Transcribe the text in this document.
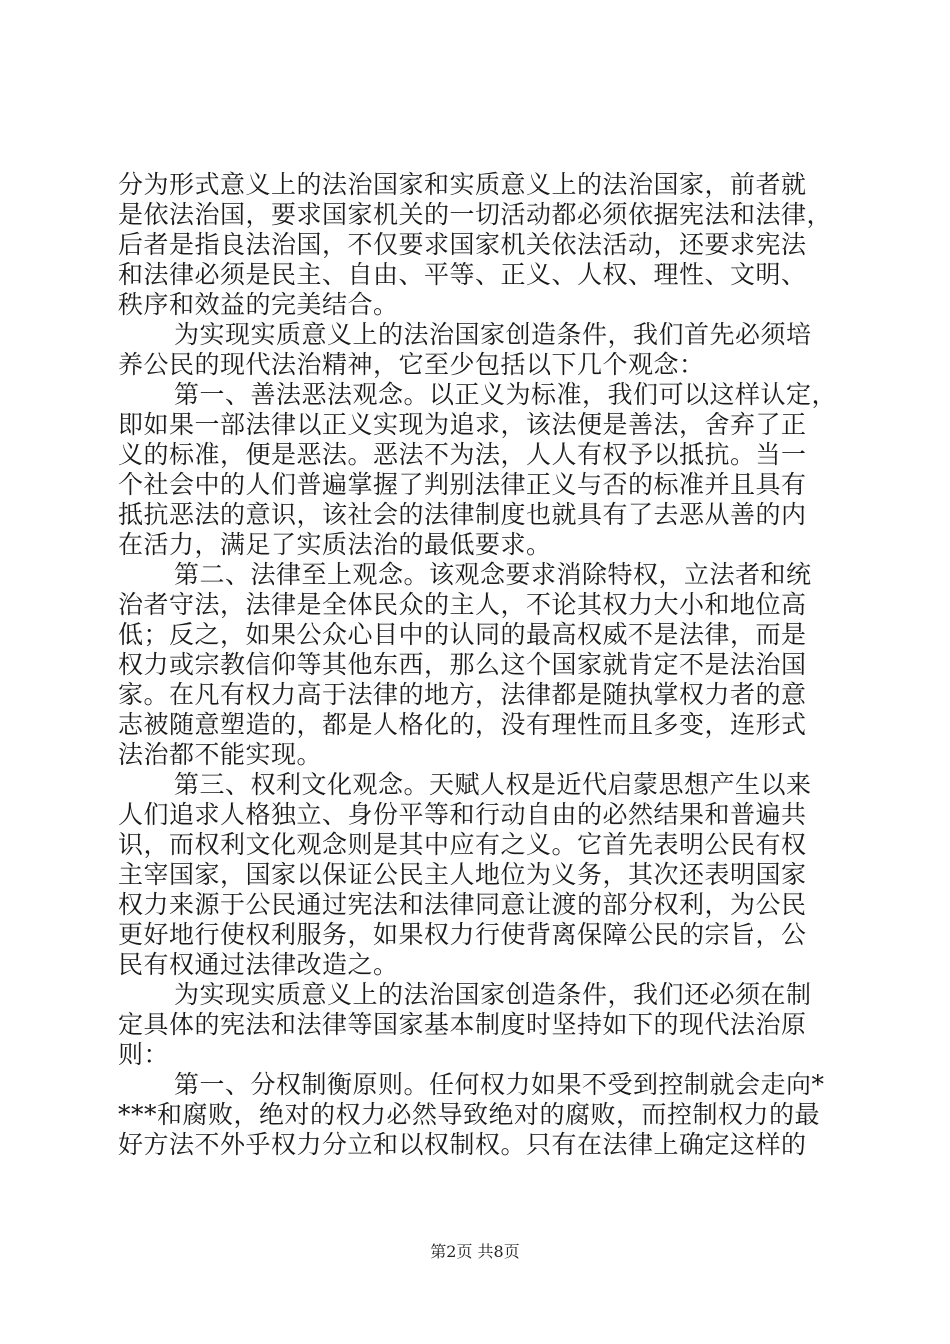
分为形式意义上的法治国家和实质意义上的法治国家，前者就
是依法治国，要求国家机关的一切活动都必须依据宪法和法律，
后者是指良法治国，不仅要求国家机关依法活动，还要求宪法
和法律必须是民主、自由、平等、正义、人权、理性、文明、
秩序和效益的完美结合。
为实现实质意义上的法治国家创造条件，我们首先必须培
养公民的现代法治精神，它至少包括以下几个观念：
第一、善法恶法观念。以正义为标准，我们可以这样认定，
即如果一部法律以正义实现为追求，该法便是善法，舍弃了正
义的标准，便是恶法。恶法不为法，人人有权予以抵抗。当一
个社会中的人们普遍掌握了判别法律正义与否的标准并且具有
抵抗恶法的意识，该社会的法律制度也就具有了去恶从善的内
在活力，满足了实质法治的最低要求。
第二、法律至上观念。该观念要求消除特权，立法者和统
治者守法，法律是全体民众的主人，不论其权力大小和地位高
低；反之，如果公众心目中的认同的最高权威不是法律，而是
权力或宗教信仰等其他东西，那么这个国家就肯定不是法治国
家。在凡有权力高于法律的地方，法律都是随执掌权力者的意
志被随意塑造的，都是人格化的，没有理性而且多变，连形式
法治都不能实现。
第三、权利文化观念。天赋人权是近代启蒙思想产生以来
人们追求人格独立、身份平等和行动自由的必然结果和普遍共
识，而权利文化观念则是其中应有之义。它首先表明公民有权
主宰国家，国家以保证公民主人地位为义务，其次还表明国家
权力来源于公民通过宪法和法律同意让渡的部分权利，为公民
更好地行使权利服务，如果权力行使背离保障公民的宗旨，公
民有权通过法律改造之。
为实现实质意义上的法治国家创造条件，我们还必须在制
定具体的宪法和法律等国家基本制度时坚持如下的现代法治原
则：
第一、分权制衡原则。任何权力如果不受到控制就会走向*
***和腐败，绝对的权力必然导致绝对的腐败，而控制权力的最
好方法不外乎权力分立和以权制权。只有在法律上确定这样的
第2页 共8页
